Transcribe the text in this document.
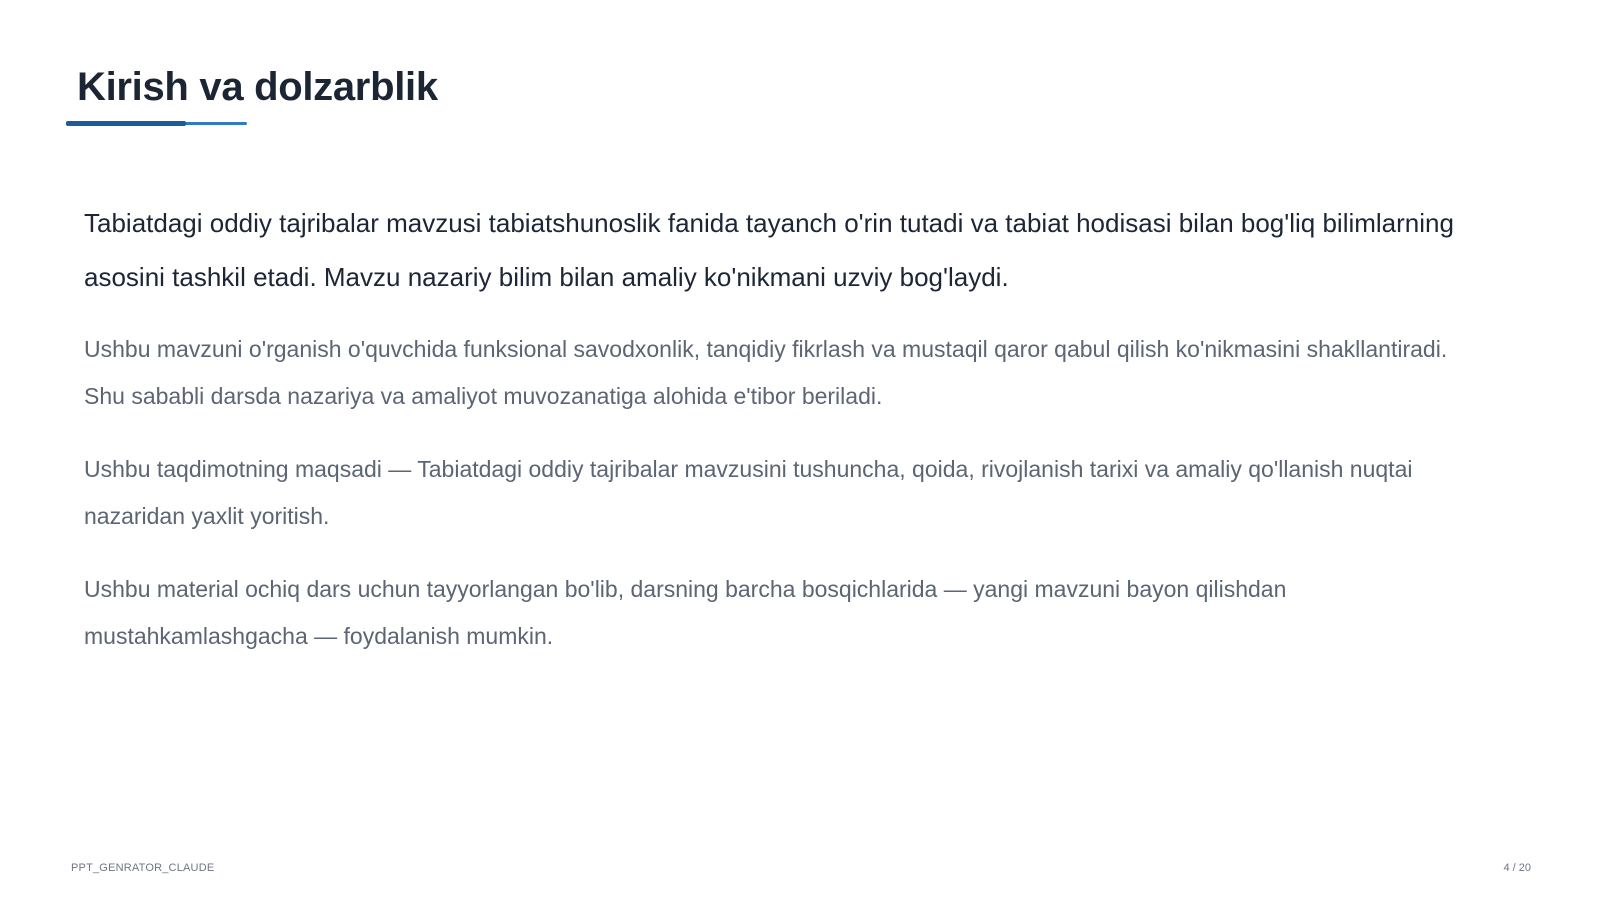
Kirish va dolzarblik

Tabiatdagi oddiy tajribalar mavzusi tabiatshunoslik fanida tayanch o'rin tutadi va tabiat hodisasi bilan bog'liq bilimlarning asosini tashkil etadi. Mavzu nazariy bilim bilan amaliy ko'nikmani uzviy bog'laydi.

Ushbu mavzuni o'rganish o'quvchida funksional savodxonlik, tanqidiy fikrlash va mustaqil qaror qabul qilish ko'nikmasini shakllantiradi. Shu sababli darsda nazariya va amaliyot muvozanatiga alohida e'tibor beriladi.

Ushbu taqdimotning maqsadi — Tabiatdagi oddiy tajribalar mavzusini tushuncha, qoida, rivojlanish tarixi va amaliy qo'llanish nuqtai nazaridan yaxlit yoritish.

Ushbu material ochiq dars uchun tayyorlangan bo'lib, darsning barcha bosqichlarida — yangi mavzuni bayon qilishdan mustahkamlashgacha — foydalanish mumkin.

PPT_GENRATOR_CLAUDE	4 / 20
